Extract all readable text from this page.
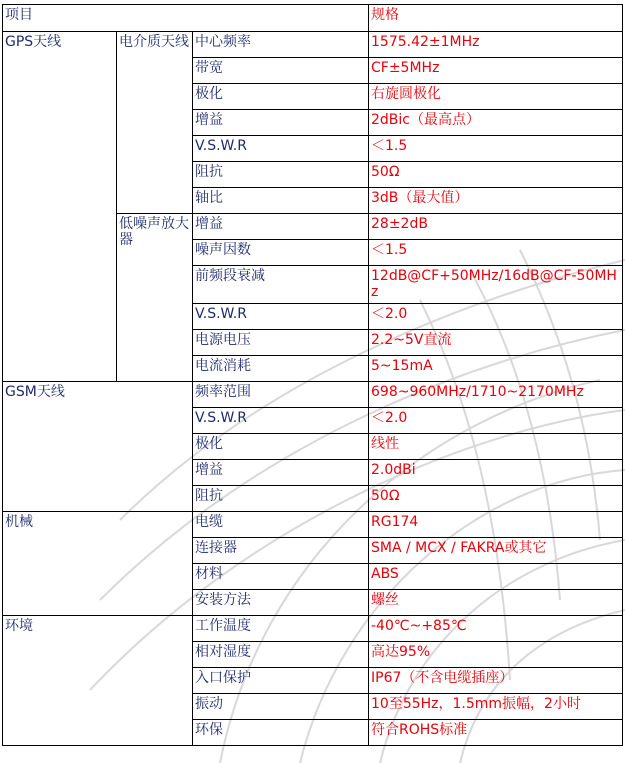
项目			规格
GPS天线	电介质天线	中心频率	1575.42±1MHz
		带宽	CF±5MHz
		极化	右旋圆极化
		增益	2dBic（最高点）
		V.S.W.R	＜1.5
		阻抗	50Ω
		轴比	3dB（最大值）
	低噪声放大器	增益	28±2dB
		噪声因数	＜1.5
		前频段衰减	12dB@CF+50MHz/16dB@CF-50MHz
		V.S.W.R	＜2.0
		电源电压	2.2~5V直流
		电流消耗	5~15mA
GSM天线		频率范围	698~960MHz/1710~2170MHz
		V.S.W.R	＜2.0
		极化	线性
		增益	2.0dBi
		阻抗	50Ω
机械		电缆	RG174
		连接器	SMA / MCX / FAKRA或其它
		材料	ABS
		安装方法	螺丝
环境		工作温度	-40℃~+85℃
		相对湿度	高达95%
		入口保护	IP67（不含电缆插座）
		振动	10至55Hz，1.5mm振幅，2小时
		环保	符合ROHS标准
